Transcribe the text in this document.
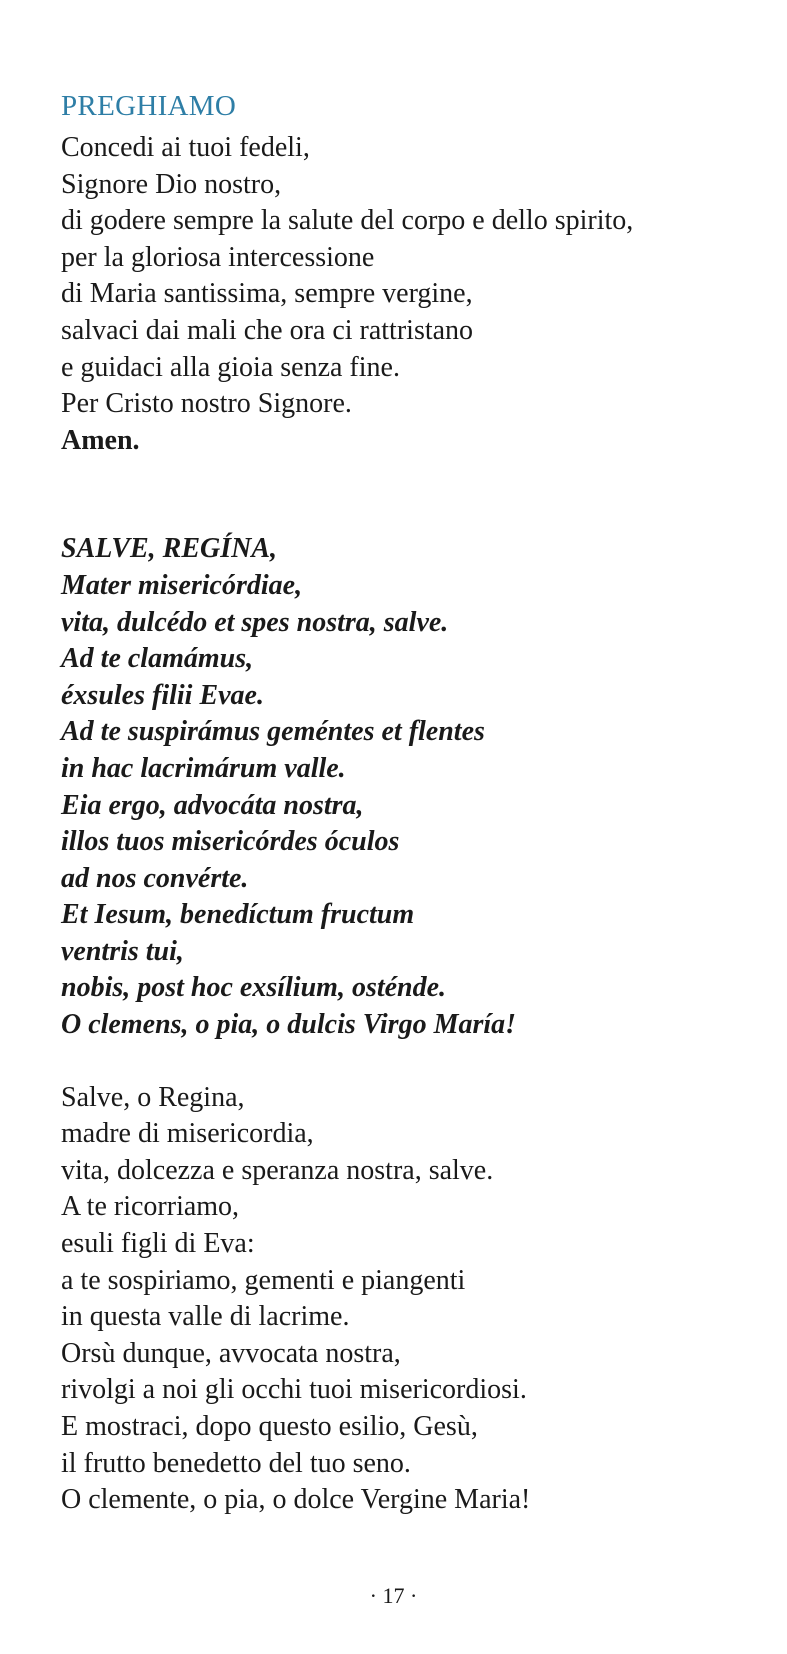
PREGHIAMO
Concedi ai tuoi fedeli,
Signore Dio nostro,
di godere sempre la salute del corpo e dello spirito,
per la gloriosa intercessione
di Maria santissima, sempre vergine,
salvaci dai mali che ora ci rattristano
e guidaci alla gioia senza fine.
Per Cristo nostro Signore.
Amen.
SALVE, REGÍNA,
Mater misericórdiae,
vita, dulcédo et spes nostra, salve.
Ad te clamámus,
éxsules filii Evae.
Ad te suspirámus geméntes et flentes
in hac lacrimárum valle.
Eia ergo, advocáta nostra,
illos tuos misericórdes óculos
ad nos convérte.
Et Iesum, benedíctum fructum
ventris tui,
nobis, post hoc exsílium, osténde.
O clemens, o pia, o dulcis Virgo María!
Salve, o Regina,
madre di misericordia,
vita, dolcezza e speranza nostra, salve.
A te ricorriamo,
esuli figli di Eva:
a te sospiriamo, gementi e piangenti
in questa valle di lacrime.
Orsù dunque, avvocata nostra,
rivolgi a noi gli occhi tuoi misericordiosi.
E mostraci, dopo questo esilio, Gesù,
il frutto benedetto del tuo seno.
O clemente, o pia, o dolce Vergine Maria!
· 17 ·
